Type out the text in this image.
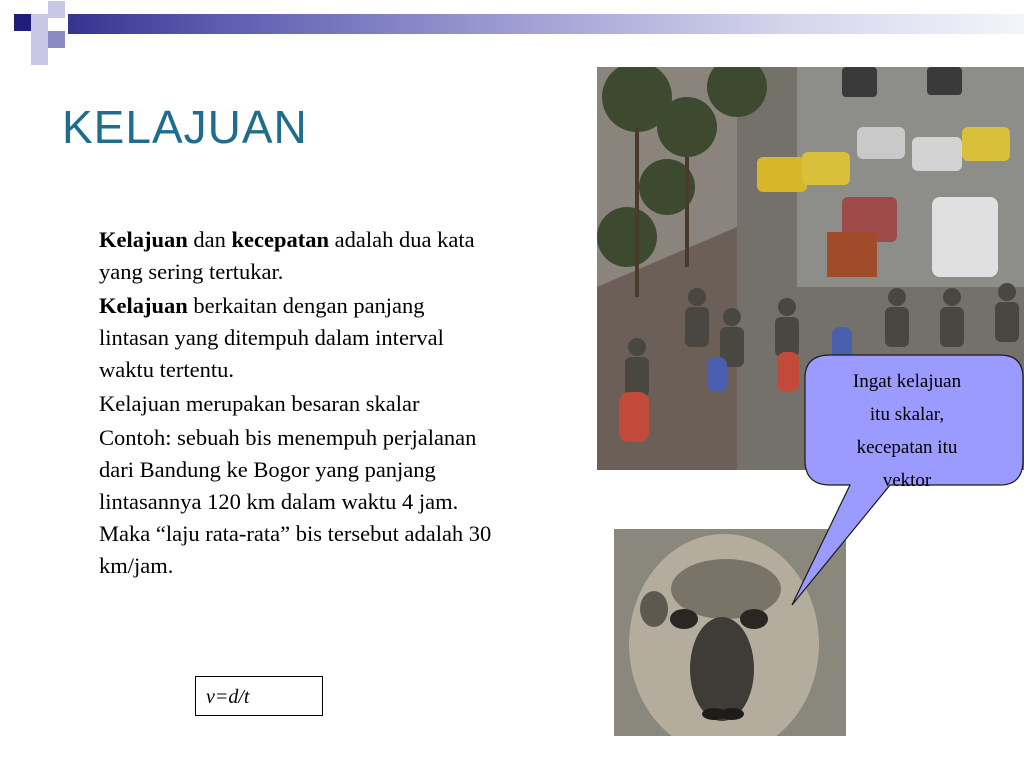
KELAJUAN

Kelajuan dan kecepatan adalah dua kata yang sering tertukar.

Kelajuan berkaitan dengan panjang lintasan yang ditempuh dalam interval waktu tertentu.

Kelajuan merupakan besaran skalar

Contoh: sebuah bis menempuh perjalanan dari Bandung ke Bogor yang panjang lintasannya 120 km dalam waktu 4 jam. Maka “laju rata-rata” bis tersebut adalah 30 km/jam.

v=d/t
Ingat kelajuan
itu skalar,
kecepatan itu
vektor
